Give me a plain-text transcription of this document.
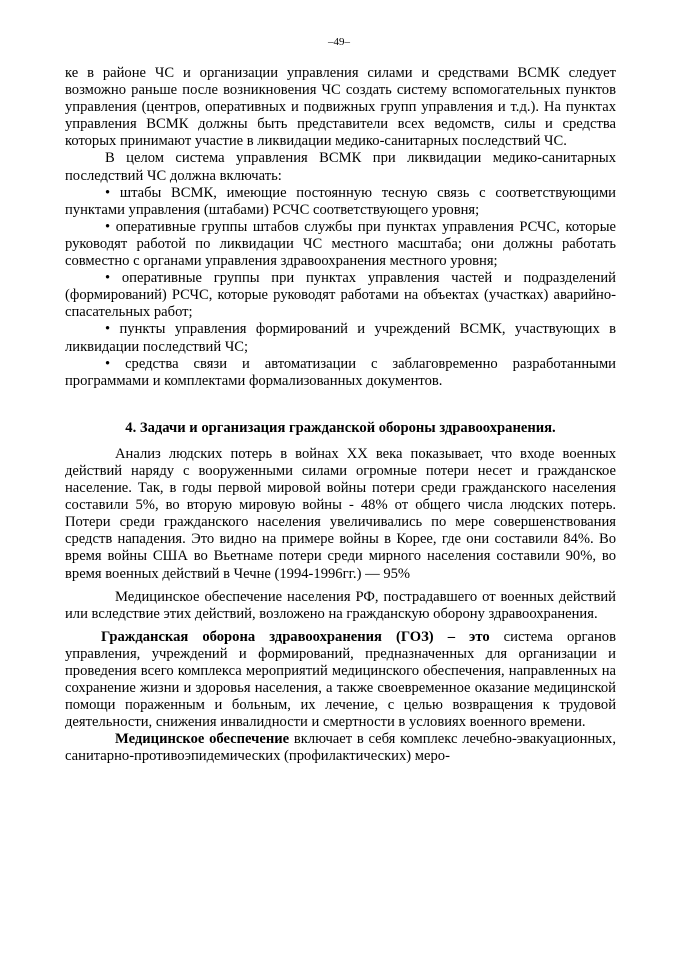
–49–

ке в районе ЧС и организации управления силами и средствами ВСМК следует возможно раньше после возникновения ЧС создать систему вспомогательных пунктов управления (центров, оперативных и подвижных групп управления и т.д.). На пунктах управления ВСМК должны быть представители всех ведомств, силы и средства которых принимают участие в ликвидации медико-санитарных последствий ЧС.

В целом система управления ВСМК при ликвидации медико-санитарных последствий ЧС должна включать:

• штабы ВСМК, имеющие постоянную тесную связь с соответствующими пунктами управления (штабами) РСЧС соответствующего уровня;

• оперативные группы штабов службы при пунктах управления РСЧС, которые руководят работой по ликвидации ЧС местного масштаба; они должны работать совместно с органами управления здравоохранения местного уровня;

• оперативные группы при пунктах управления частей и подразделений (формирований) РСЧС, которые руководят работами на объектах (участках) аварийно-спасательных работ;

• пункты управления формирований и учреждений ВСМК, участвующих в ликвидации последствий ЧС;

• средства связи и автоматизации с заблаговременно разработанными программами и комплектами формализованных документов.

4. Задачи и организация гражданской обороны здравоохранения.

Анализ людских потерь в войнах XX века показывает, что входе военных действий наряду с вооруженными силами огромные потери несет и гражданское население. Так, в годы первой мировой войны потери среди гражданского населения составили 5%, во вторую мировую войны - 48% от общего числа людских потерь. Потери среди гражданского населения увеличивались по мере совершенствования средств нападения. Это видно на примере войны в Корее, где они составили 84%. Во время войны США во Вьетнаме потери среди мирного населения составили 90%, во время военных действий в Чечне (1994-1996гг.) — 95%

Медицинское обеспечение населения РФ, пострадавшего от военных действий или вследствие этих действий, возложено на гражданскую оборону здравоохранения.

Гражданская оборона здравоохранения (ГОЗ) – это система органов управления, учреждений и формирований, предназначенных для организации и проведения всего комплекса мероприятий медицинского обеспечения, направленных на сохранение жизни и здоровья населения, а также своевременное оказание медицинской помощи пораженным и больным, их лечение, с целью возвращения к трудовой деятельности, снижения инвалидности и смертности в условиях военного времени.

Медицинское обеспечение включает в себя комплекс лечебно-эвакуационных, санитарно-противоэпидемических (профилактических) меро-
